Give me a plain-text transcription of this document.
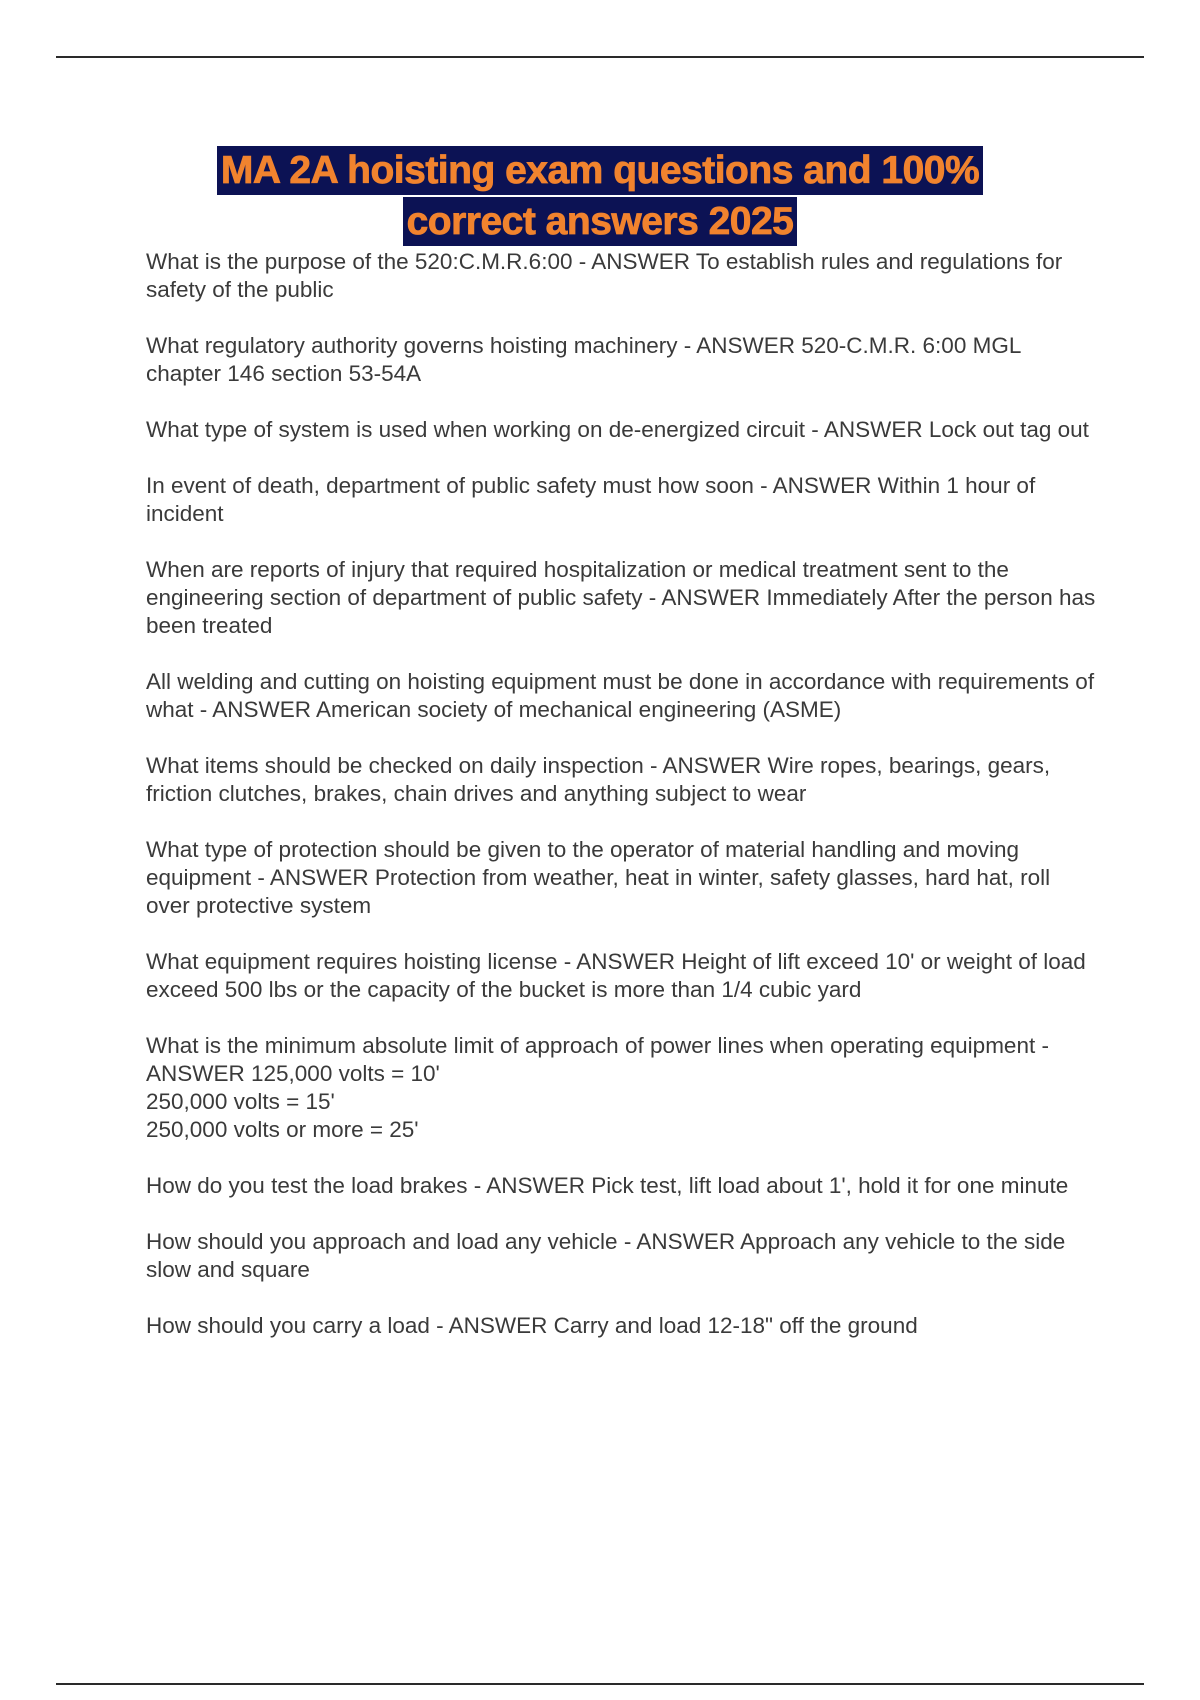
MA 2A hoisting exam questions and 100%
correct answers 2025

What is the purpose of the 520:C.M.R.6:00 - ANSWER To establish rules and regulations for safety of the public

What regulatory authority governs hoisting machinery - ANSWER 520-C.M.R. 6:00 MGL chapter 146 section 53-54A

What type of system is used when working on de-energized circuit - ANSWER Lock out tag out

In event of death, department of public safety must how soon - ANSWER Within 1 hour of incident

When are reports of injury that required hospitalization or medical treatment sent to the engineering section of department of public safety - ANSWER Immediately After the person has been treated

All welding and cutting on hoisting equipment must be done in accordance with requirements of what - ANSWER American society of mechanical engineering (ASME)

What items should be checked on daily inspection - ANSWER Wire ropes, bearings, gears, friction clutches, brakes, chain drives and anything subject to wear

What type of protection should be given to the operator of material handling and moving equipment - ANSWER Protection from weather, heat in winter, safety glasses, hard hat, roll over protective system

What equipment requires hoisting license - ANSWER Height of lift exceed 10' or weight of load exceed 500 lbs or the capacity of the bucket is more than 1/4 cubic yard

What is the minimum absolute limit of approach of power lines when operating equipment - ANSWER 125,000 volts = 10'
250,000 volts = 15'
250,000 volts or more = 25'

How do you test the load brakes - ANSWER Pick test, lift load about 1', hold it for one minute

How should you approach and load any vehicle - ANSWER Approach any vehicle to the side slow and square

How should you carry a load - ANSWER Carry and load 12-18" off the ground
